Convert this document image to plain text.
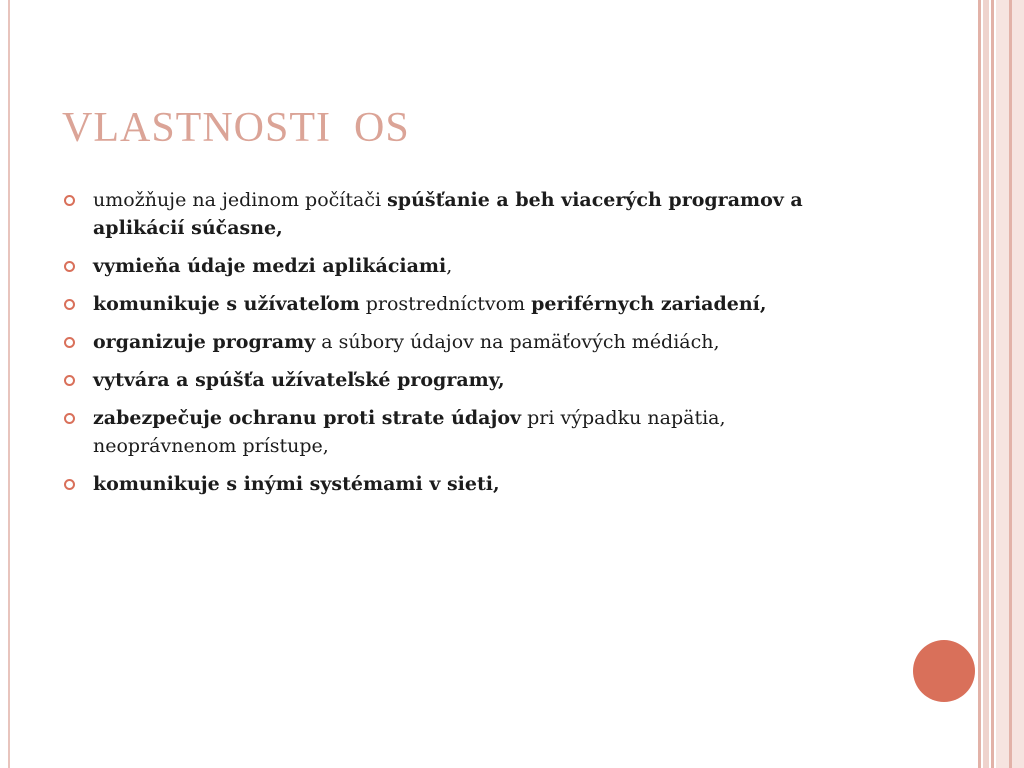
VLASTNOSTI  OS
umožňuje na jedinom počítači spúšťanie a beh viacerých programov a aplikácií súčasne,
vymieňa údaje medzi aplikáciami,
komunikuje s užívateľom prostredníctvom periférnych zariadení,
organizuje programy a súbory údajov na pamäťových médiách,
vytvára a spúšťa užívateľské programy,
zabezpečuje ochranu proti strate údajov pri výpadku napätia, neoprávnenom prístupe,
komunikuje s inými systémami v sieti,
